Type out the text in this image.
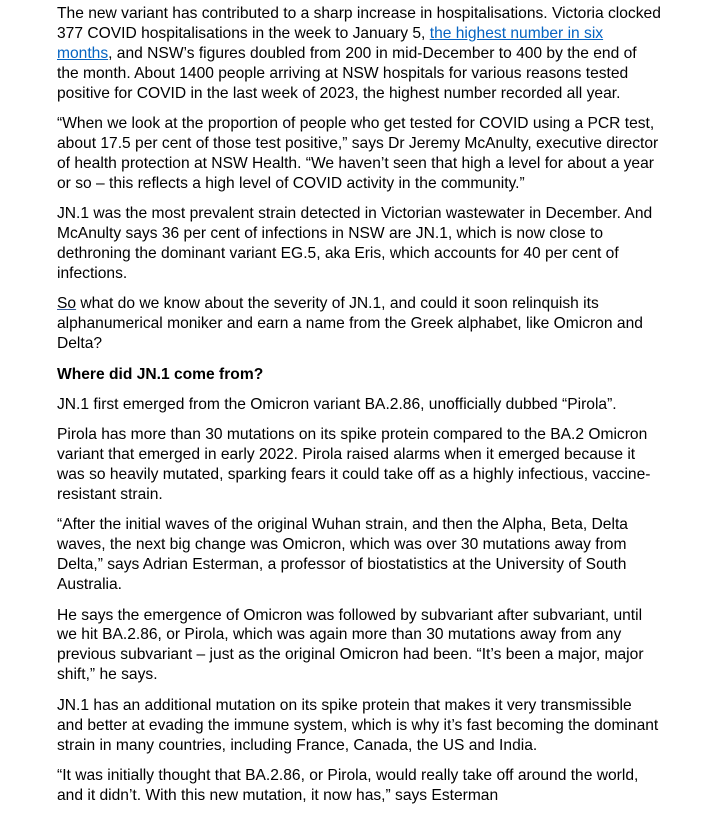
The new variant has contributed to a sharp increase in hospitalisations. Victoria clocked 377 COVID hospitalisations in the week to January 5, the highest number in six months, and NSW’s figures doubled from 200 in mid-December to 400 by the end of the month. About 1400 people arriving at NSW hospitals for various reasons tested positive for COVID in the last week of 2023, the highest number recorded all year.

“When we look at the proportion of people who get tested for COVID using a PCR test, about 17.5 per cent of those test positive,” says Dr Jeremy McAnulty, executive director of health protection at NSW Health. “We haven’t seen that high a level for about a year or so – this reflects a high level of COVID activity in the community.”

JN.1 was the most prevalent strain detected in Victorian wastewater in December. And McAnulty says 36 per cent of infections in NSW are JN.1, which is now close to dethroning the dominant variant EG.5, aka Eris, which accounts for 40 per cent of infections.

So what do we know about the severity of JN.1, and could it soon relinquish its alphanumerical moniker and earn a name from the Greek alphabet, like Omicron and Delta?

Where did JN.1 come from?

JN.1 first emerged from the Omicron variant BA.2.86, unofficially dubbed “Pirola”.

Pirola has more than 30 mutations on its spike protein compared to the BA.2 Omicron variant that emerged in early 2022. Pirola raised alarms when it emerged because it was so heavily mutated, sparking fears it could take off as a highly infectious, vaccine-resistant strain.

“After the initial waves of the original Wuhan strain, and then the Alpha, Beta, Delta waves, the next big change was Omicron, which was over 30 mutations away from Delta,” says Adrian Esterman, a professor of biostatistics at the University of South Australia.

He says the emergence of Omicron was followed by subvariant after subvariant, until we hit BA.2.86, or Pirola, which was again more than 30 mutations away from any previous subvariant – just as the original Omicron had been. “It’s been a major, major shift,” he says.

JN.1 has an additional mutation on its spike protein that makes it very transmissible and better at evading the immune system, which is why it’s fast becoming the dominant strain in many countries, including France, Canada, the US and India.

“It was initially thought that BA.2.86, or Pirola, would really take off around the world, and it didn’t. With this new mutation, it now has,” says Esterman
